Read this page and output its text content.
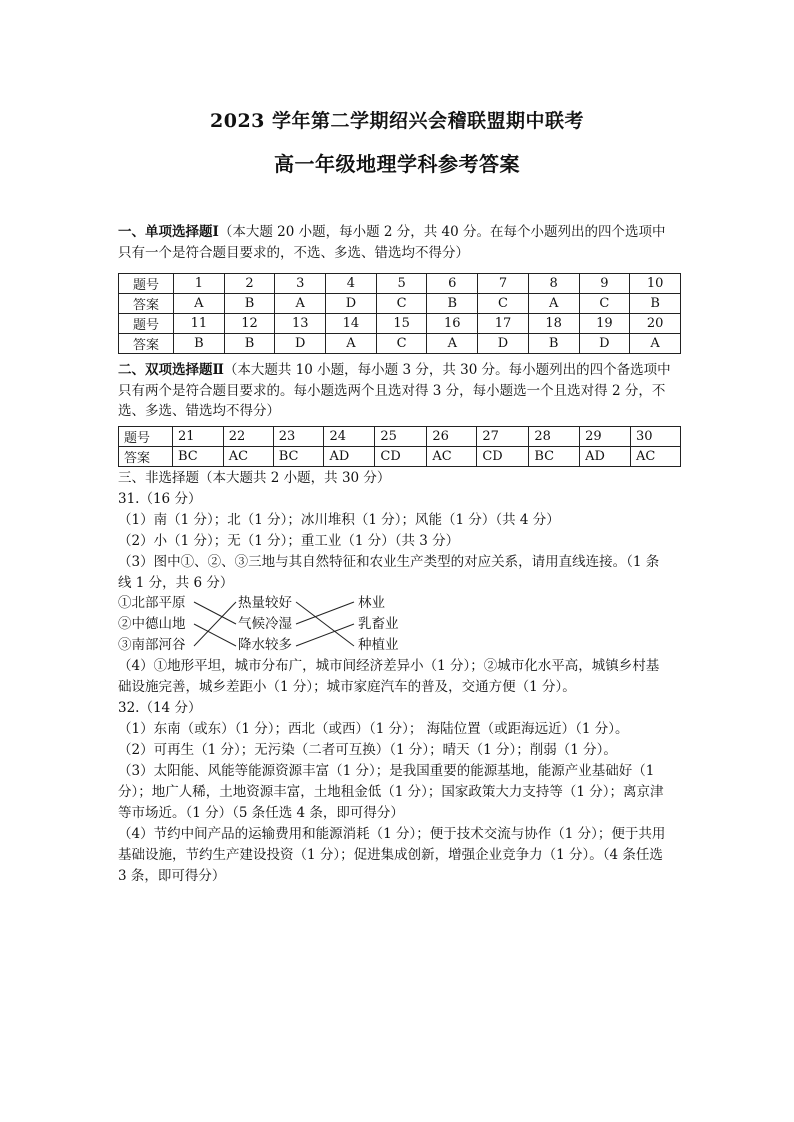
2023 学年第二学期绍兴会稽联盟期中联考
高一年级地理学科参考答案
一、单项选择题Ⅰ（本大题 20 小题，每小题 2 分，共 40 分。在每个小题列出的四个选项中
只有一个是符合题目要求的，不选、多选、错选均不得分）
题号	1	2	3	4	5	6	7	8	9	10
答案	A	B	A	D	C	B	C	A	C	B
题号	11	12	13	14	15	16	17	18	19	20
答案	B	B	D	A	C	A	D	B	D	A
二、双项选择题Ⅱ（本大题共 10 小题，每小题 3 分，共 30 分。每小题列出的四个备选项中
只有两个是符合题目要求的。每小题选两个且选对得 3 分，每小题选一个且选对得 2 分，不
选、多选、错选均不得分）
题号	21	22	23	24	25	26	27	28	29	30
答案	BC	AC	BC	AD	CD	AC	CD	BC	AD	AC
三、非选择题（本大题共 2 小题，共 30 分）
31.（16 分）
（1）南（1 分）；北（1 分）；冰川堆积（1 分）；风能（1 分）（共 4 分）
（2）小（1 分）；无（1 分）；重工业（1 分）（共 3 分）
（3）图中①、②、③三地与其自然特征和农业生产类型的对应关系，请用直线连接。（1 条
线 1 分，共 6 分）
①北部平原
②中德山地
③南部河谷
热量较好
气候冷湿
降水较多
林业
乳畜业
种植业
（4）①地形平坦，城市分布广，城市间经济差异小（1 分）；②城市化水平高，城镇乡村基
础设施完善，城乡差距小（1 分）；城市家庭汽车的普及，交通方便（1 分）。
32.（14 分）
（1）东南（或东）（1 分）；西北（或西）（1 分）； 海陆位置（或距海远近）（1 分）。
（2）可再生（1 分）；无污染（二者可互换）（1 分）；晴天（1 分）；削弱（1 分）。
（3）太阳能、风能等能源资源丰富（1 分）；是我国重要的能源基地，能源产业基础好（1
分）；地广人稀，土地资源丰富，土地租金低（1 分）；国家政策大力支持等（1 分）；离京津
等市场近。（1 分）（5 条任选 4 条，即可得分）
（4）节约中间产品的运输费用和能源消耗（1 分）；便于技术交流与协作（1 分）；便于共用
基础设施，节约生产建设投资（1 分）；促进集成创新，增强企业竞争力（1 分）。（4 条任选
3 条，即可得分）
